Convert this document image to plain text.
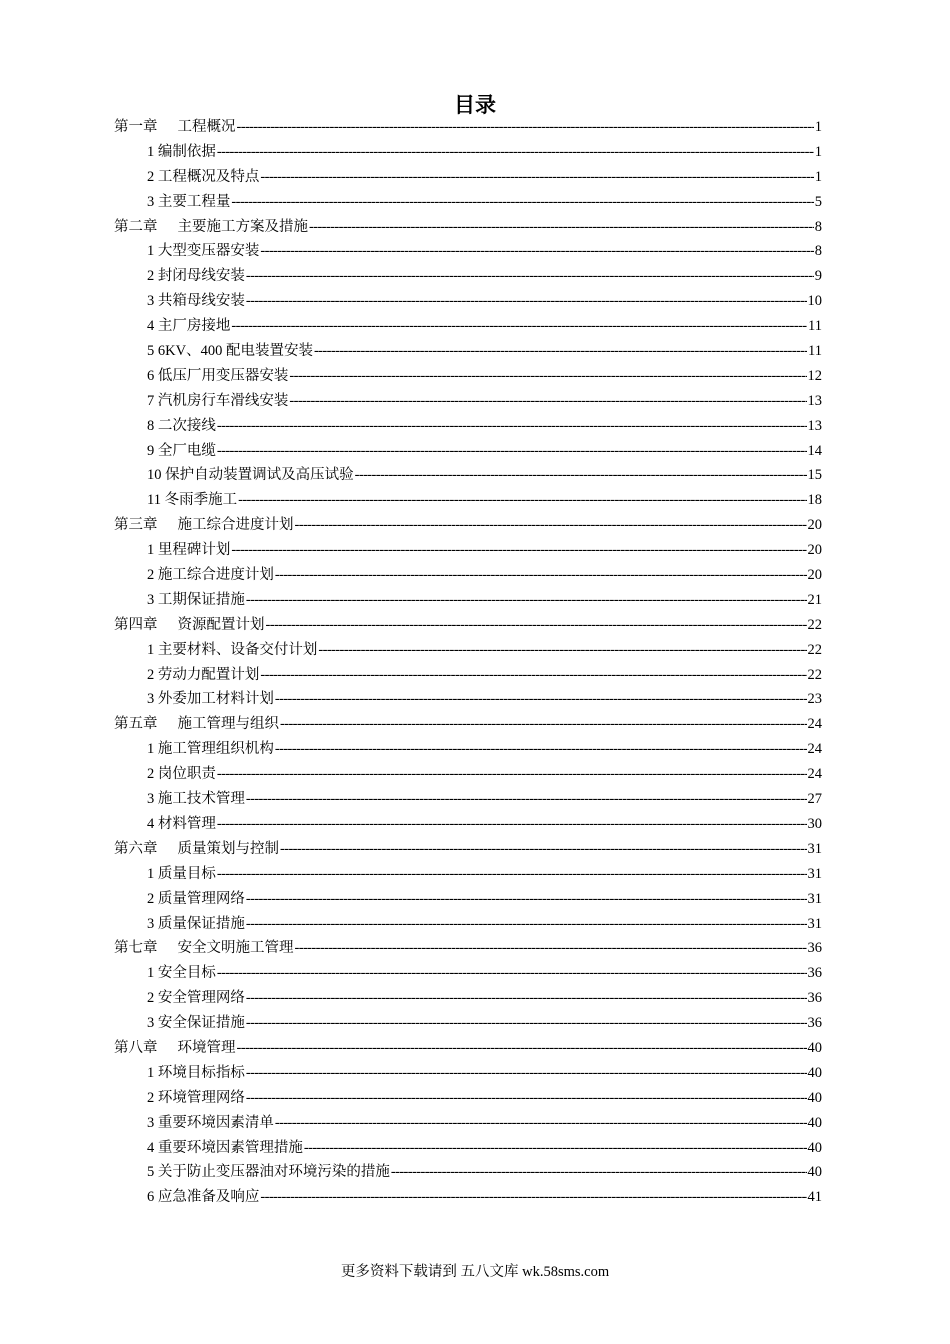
目录
第一章 工程概况 -----	1
1 编制依据 -----	1
2 工程概况及特点 -----	1
3 主要工程量 -----	5
第二章 主要施工方案及措施 -----	8
1 大型变压器安装 -----	8
2 封闭母线安装 -----	9
3 共箱母线安装 -----	10
4 主厂房接地 -----	11
5 6KV、400 配电装置安装 -----	11
6 低压厂用变压器安装 -----	12
7 汽机房行车滑线安装 -----	13
8 二次接线 -----	13
9 全厂电缆 -----	14
10 保护自动装置调试及高压试验 -----	15
11 冬雨季施工 -----	18
第三章 施工综合进度计划 -----	20
1 里程碑计划 -----	20
2 施工综合进度计划 -----	20
3 工期保证措施 -----	21
第四章 资源配置计划 -----	22
1 主要材料、设备交付计划 -----	22
2 劳动力配置计划 -----	22
3 外委加工材料计划 -----	23
第五章 施工管理与组织 -----	24
1 施工管理组织机构 -----	24
2 岗位职责 -----	24
3 施工技术管理 -----	27
4 材料管理 -----	30
第六章 质量策划与控制 -----	31
1 质量目标 -----	31
2 质量管理网络 -----	31
3 质量保证措施 -----	31
第七章 安全文明施工管理 -----	36
1 安全目标 -----	36
2 安全管理网络 -----	36
3 安全保证措施 -----	36
第八章 环境管理 -----	40
1 环境目标指标 -----	40
2 环境管理网络 -----	40
3 重要环境因素清单 -----	40
4 重要环境因素管理措施 -----	40
5 关于防止变压器油对环境污染的措施 -----	40
6 应急准备及响应 -----	41
更多资料下载请到 五八文库 wk.58sms.com
